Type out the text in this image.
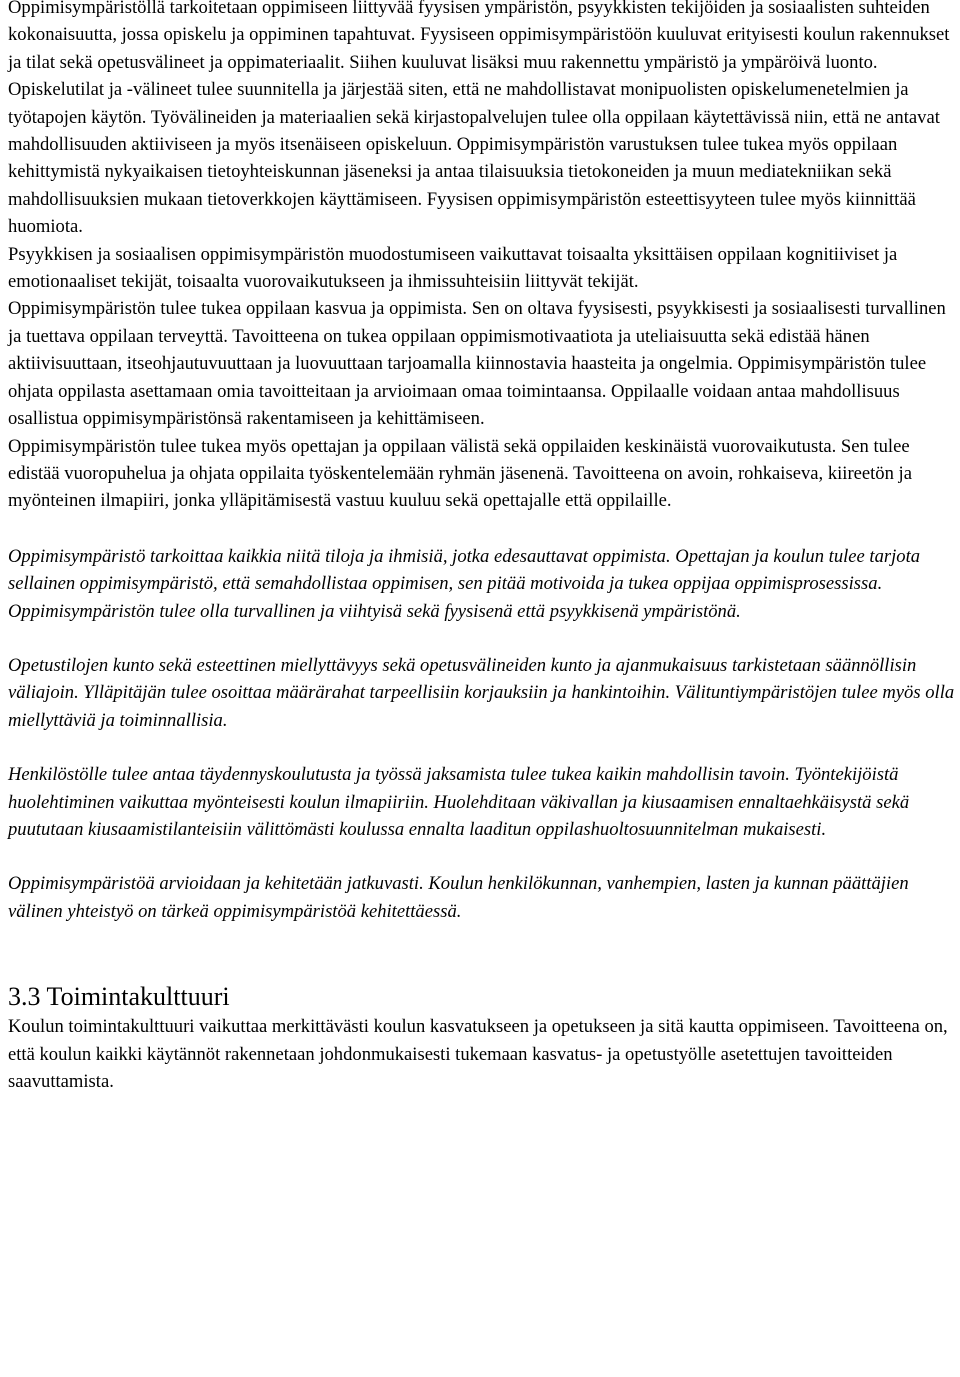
Oppimisympäristöllä tarkoitetaan oppimiseen liittyvää fyysisen ympäristön, psyykkisten tekijöiden ja sosiaalisten suhteiden kokonaisuutta, jossa opiskelu ja oppiminen tapahtuvat. Fyysiseen oppimisympäristöön kuuluvat erityisesti koulun rakennukset ja tilat sekä opetusvälineet ja oppimateriaalit. Siihen kuuluvat lisäksi muu rakennettu ympäristö ja ympäröivä luonto. Opiskelutilat ja -välineet tulee suunnitella ja järjestää siten, että ne mahdollistavat monipuolisten opiskelumenetelmien ja työtapojen käytön. Työvälineiden ja materiaalien sekä kirjastopalvelujen tulee olla oppilaan käytettävissä niin, että ne antavat mahdollisuuden aktiiviseen ja myös itsenäiseen opiskeluun. Oppimisympäristön varustuksen tulee tukea myös oppilaan kehittymistä nykyaikaisen tietoyhteiskunnan jäseneksi ja antaa tilaisuuksia tietokoneiden ja muun mediatekniikan sekä mahdollisuuksien mukaan tietoverkkojen käyttämiseen. Fyysisen oppimisympäristön esteettisyyteen tulee myös kiinnittää huomiota.

Psyykkisen ja sosiaalisen oppimisympäristön muodostumiseen vaikuttavat toisaalta yksittäisen oppilaan kognitiiviset ja emotionaaliset tekijät, toisaalta vuorovaikutukseen ja ihmissuhteisiin liittyvät tekijät.

Oppimisympäristön tulee tukea oppilaan kasvua ja oppimista. Sen on oltava fyysisesti, psyykkisesti ja sosiaalisesti turvallinen ja tuettava oppilaan terveyttä. Tavoitteena on tukea oppilaan oppimismotivaatiota ja uteliaisuutta sekä edistää hänen aktiivisuuttaan, itseohjautuvuuttaan ja luovuuttaan tarjoamalla kiinnostavia haasteita ja ongelmia. Oppimisympäristön tulee ohjata oppilasta asettamaan omia tavoitteitaan ja arvioimaan omaa toimintaansa. Oppilaalle voidaan antaa mahdollisuus osallistua oppimisympäristönsä rakentamiseen ja kehittämiseen.

Oppimisympäristön tulee tukea myös opettajan ja oppilaan välistä sekä oppilaiden keskinäistä vuorovaikutusta. Sen tulee edistää vuoropuhelua ja ohjata oppilaita työskentelemään ryhmän jäsenenä. Tavoitteena on avoin, rohkaiseva, kiireetön ja myönteinen ilmapiiri, jonka ylläpitämisestä vastuu kuuluu sekä opettajalle että oppilaille.

Oppimisympäristö tarkoittaa kaikkia niitä tiloja ja ihmisiä, jotka edesauttavat oppimista. Opettajan ja koulun tulee tarjota sellainen oppimisympäristö, että semahdollistaa oppimisen, sen pitää motivoida ja tukea oppijaa oppimisprosessissa. Oppimisympäristön tulee olla turvallinen ja viihtyisä sekä fyysisenä että psyykkisenä ympäristönä.

Opetustilojen kunto sekä esteettinen miellyttävyys sekä opetusvälineiden kunto ja ajanmukaisuus tarkistetaan säännöllisin väliajoin. Ylläpitäjän tulee osoittaa määrärahat tarpeellisiin korjauksiin ja hankintoihin. Välituntiympäristöjen tulee myös olla miellyttäviä ja toiminnallisia.

Henkilöstölle tulee antaa täydennyskoulutusta ja työssä jaksamista tulee tukea kaikin mahdollisin tavoin. Työntekijöistä huolehtiminen vaikuttaa myönteisesti koulun ilmapiiriin. Huolehditaan väkivallan ja kiusaamisen ennaltaehkäisystä sekä puututaan kiusaamistilanteisiin välittömästi koulussa ennalta laaditun oppilashuoltosuunnitelman mukaisesti.

Oppimisympäristöä arvioidaan ja kehitetään jatkuvasti. Koulun henkilökunnan, vanhempien, lasten ja kunnan päättäjien välinen yhteistyö on tärkeä oppimisympäristöä kehitettäessä.

3.3 Toimintakulttuuri

Koulun toimintakulttuuri vaikuttaa merkittävästi koulun kasvatukseen ja opetukseen ja sitä kautta oppimiseen. Tavoitteena on, että koulun kaikki käytännöt rakennetaan johdonmukaisesti tukemaan kasvatus- ja opetustyölle asetettujen tavoitteiden saavuttamista.
